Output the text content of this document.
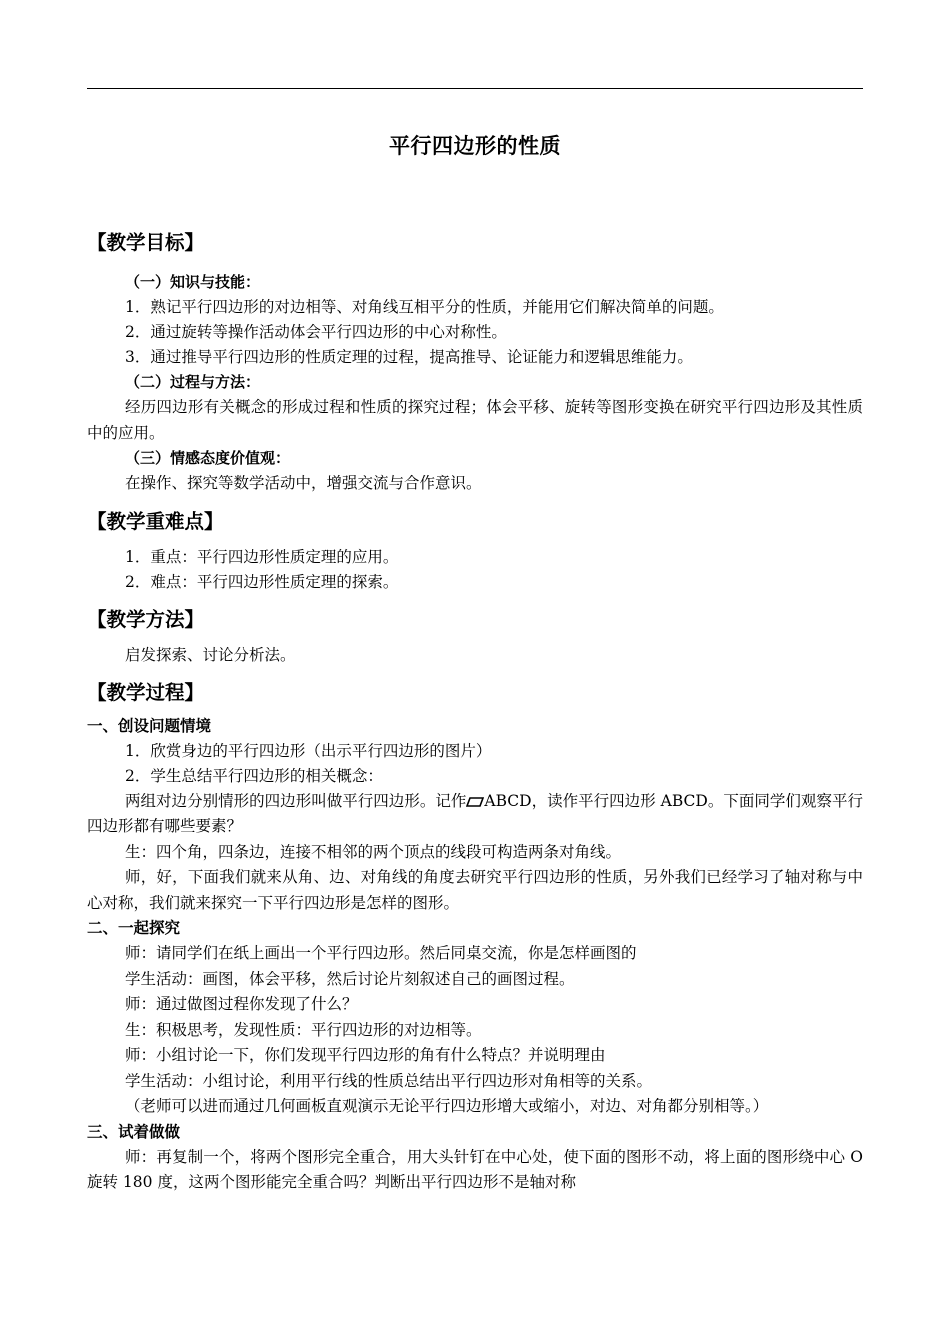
平行四边形的性质
【教学目标】
（一）知识与技能：
1．熟记平行四边形的对边相等、对角线互相平分的性质，并能用它们解决简单的问题。
2．通过旋转等操作活动体会平行四边形的中心对称性。
3．通过推导平行四边形的性质定理的过程，提高推导、论证能力和逻辑思维能力。
（二）过程与方法：
经历四边形有关概念的形成过程和性质的探究过程；体会平移、旋转等图形变换在研究平行四边形及其性质中的应用。
（三）情感态度价值观：
在操作、探究等数学活动中，增强交流与合作意识。
【教学重难点】
1．重点：平行四边形性质定理的应用。
2．难点：平行四边形性质定理的探索。
【教学方法】
启发探索、讨论分析法。
【教学过程】
一、创设问题情境
1．欣赏身边的平行四边形（出示平行四边形的图片）
2．学生总结平行四边形的相关概念：
两组对边分别情形的四边形叫做平行四边形。记作 ABCD，读作平行四边形 ABCD。下面同学们观察平行四边形都有哪些要素？
生：四个角，四条边，连接不相邻的两个顶点的线段可构造两条对角线。
师，好，下面我们就来从角、边、对角线的角度去研究平行四边形的性质，另外我们已经学习了轴对称与中心对称，我们就来探究一下平行四边形是怎样的图形。
二、一起探究
师：请同学们在纸上画出一个平行四边形。然后同桌交流，你是怎样画图的
学生活动：画图，体会平移，然后讨论片刻叙述自己的画图过程。
师：通过做图过程你发现了什么？
生：积极思考，发现性质：平行四边形的对边相等。
师：小组讨论一下，你们发现平行四边形的角有什么特点？并说明理由
学生活动：小组讨论，利用平行线的性质总结出平行四边形对角相等的关系。
（老师可以进而通过几何画板直观演示无论平行四边形增大或缩小，对边、对角都分别相等。）
三、试着做做
师：再复制一个，将两个图形完全重合，用大头针钉在中心处，使下面的图形不动，将上面的图形绕中心 O 旋转 180 度，这两个图形能完全重合吗？判断出平行四边形不是轴对称
